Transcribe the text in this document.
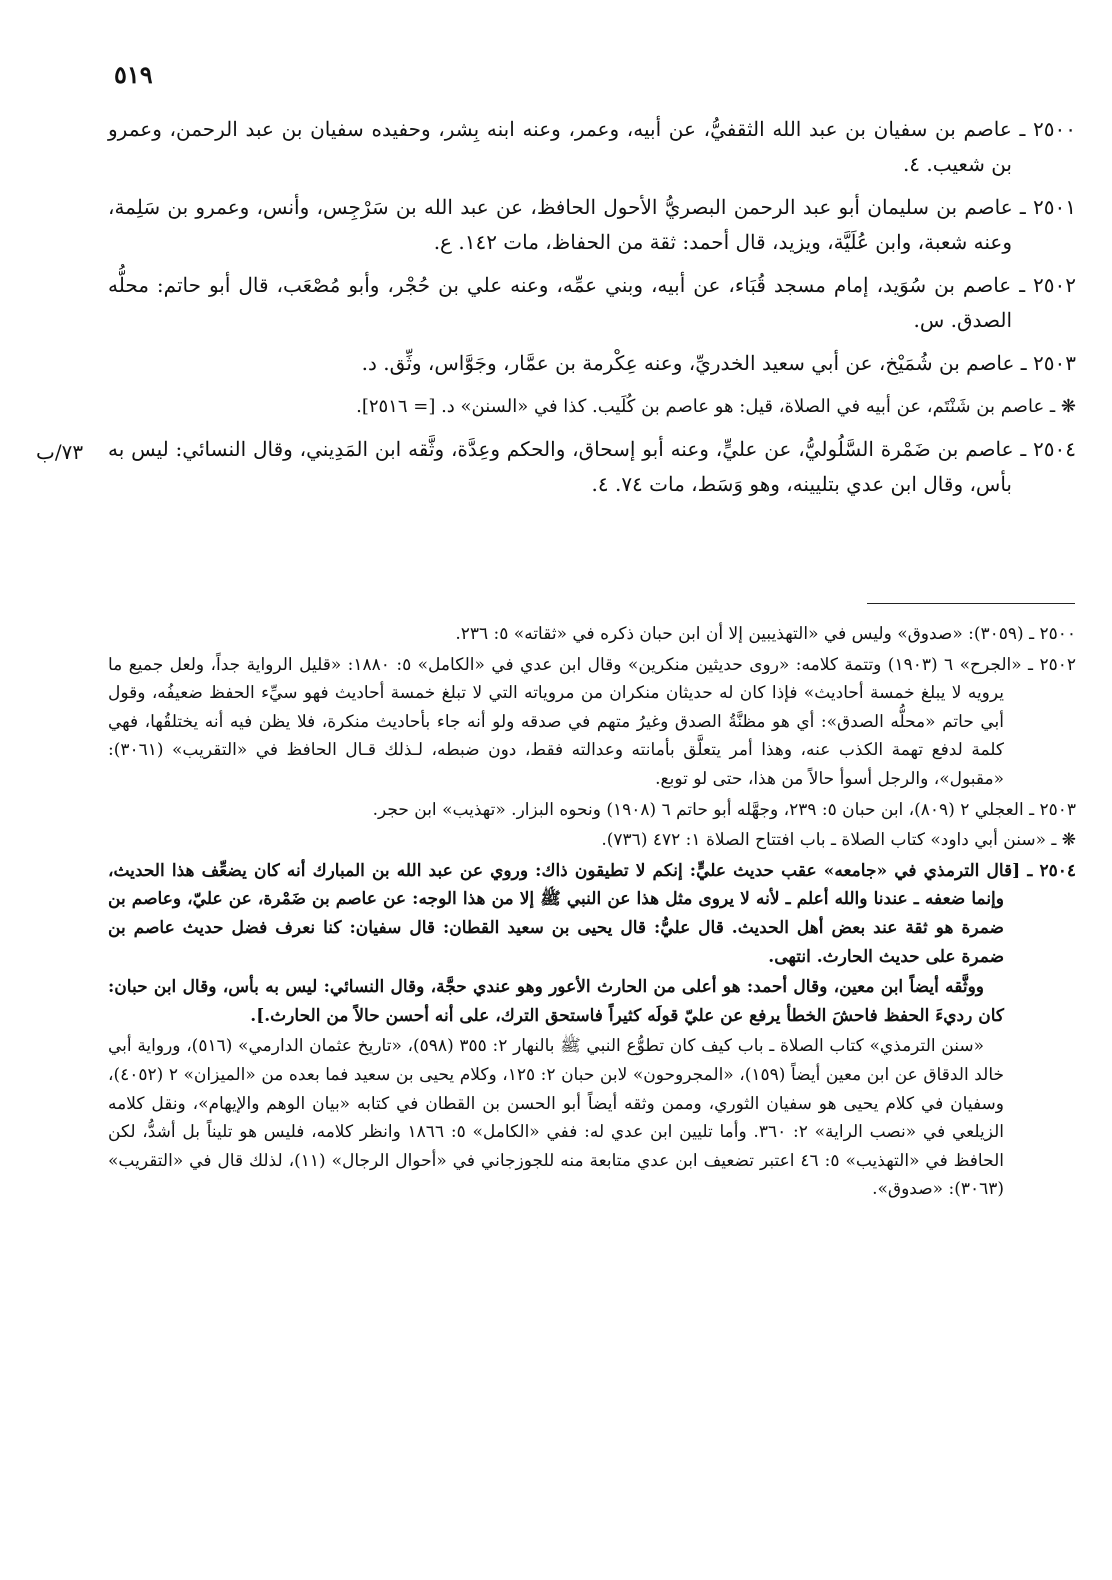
٥١٩
٧٣/ب

٢٥٠٠ ـ عاصم بن سفيان بن عبد الله الثقفيُّ، عن أبيه، وعمر، وعنه ابنه بِشر، وحفيده سفيان بن عبد الرحمن، وعمرو بن شعيب. ٤.

٢٥٠١ ـ عاصم بن سليمان أبو عبد الرحمن البصريُّ الأحول الحافظ، عن عبد الله بن سَرْجِس، وأنس، وعمرو بن سَلِمة، وعنه شعبة، وابن عُلَيَّة، ويزيد، قال أحمد: ثقة من الحفاظ، مات ١٤٢. ع.

٢٥٠٢ ـ عاصم بن سُوَيد، إمام مسجد قُبَاء، عن أبيه، وبني عمِّه، وعنه علي بن حُجْر، وأبو مُصْعَب، قال أبو حاتم: محلُّه الصدق. س.

٢٥٠٣ ـ عاصم بن شُمَيْخ، عن أبي سعيد الخدريِّ، وعنه عِكْرمة بن عمَّار، وجَوَّاس، وثِّق. د.

❋ ـ عاصم بن شَنْتَم، عن أبيه في الصلاة، قيل: هو عاصم بن كُلَيب. كذا في «السنن» د. [= ٢٥١٦].

٢٥٠٤ ـ عاصم بن ضَمْرة السَّلُوليُّ، عن عليٍّ، وعنه أبو إسحاق، والحكم وعِدَّة، وثَّقه ابن المَدِيني، وقال النسائي: ليس به بأس، وقال ابن عدي بتليينه، وهو وَسَط، مات ٧٤. ٤.

٢٥٠٠ ـ (٣٠٥٩): «صدوق» وليس في «التهذيبين إلا أن ابن حبان ذكره في «ثقاته» ٥: ٢٣٦.

٢٥٠٢ ـ «الجرح» ٦ (١٩٠٣) وتتمة كلامه: «روى حديثين منكرين» وقال ابن عدي في «الكامل» ٥: ١٨٨٠: «قليل الرواية جداً، ولعل جميع ما يرويه لا يبلغ خمسة أحاديث» فإذا كان له حديثان منكران من مروياته التي لا تبلغ خمسة أحاديث فهو سيِّء الحفظ ضعيفُه، وقول أبي حاتم «محلُّه الصدق»: أي هو مظنَّةُ الصدق وغيرُ متهم في صدقه ولو أنه جاء بأحاديث منكرة، فلا يظن فيه أنه يختلقُها، فهي كلمة لدفع تهمة الكذب عنه، وهذا أمر يتعلَّق بأمانته وعدالته فقط، دون ضبطه، لـذلك قـال الحافظ في «التقريب» (٣٠٦١): «مقبول»، والرجل أسوأ حالاً من هذا، حتى لو توبع.

٢٥٠٣ ـ العجلي ٢ (٨٠٩)، ابن حبان ٥: ٢٣٩، وجهَّله أبو حاتم ٦ (١٩٠٨) ونحوه البزار. «تهذيب» ابن حجر.

❋ ـ «سنن أبي داود» كتاب الصلاة ـ باب افتتاح الصلاة ١: ٤٧٢ (٧٣٦).

٢٥٠٤ ـ [قال الترمذي في «جامعه» عقب حديث عليٍّ: إنكم لا تطيقون ذاك: وروي عن عبد الله بن المبارك أنه كان يضعِّف هذا الحديث، وإنما ضعفه ـ عندنا والله أعلم ـ لأنه لا يروى مثل هذا عن النبي ﷺ إلا من هذا الوجه: عن عاصم بن ضَمْرة، عن عليّ، وعاصم بن ضمرة هو ثقة عند بعض أهل الحديث. قال عليُّ: قال يحيى بن سعيد القطان: قال سفيان: كنا نعرف فضل حديث عاصم بن ضمرة على حديث الحارث. انتهى.

ووثَّقه أيضاً ابن معين، وقال أحمد: هو أعلى من الحارث الأعور وهو عندي حجَّة، وقال النسائي: ليس به بأس، وقال ابن حبان: كان رديءَ الحفظ فاحشَ الخطأ يرفع عن عليّ قولَه كثيراً فاستحق الترك، على أنه أحسن حالاً من الحارث.].

«سنن الترمذي» كتاب الصلاة ـ باب كيف كان تطوُّع النبي ﷺ بالنهار ٢: ٣٥٥ (٥٩٨)، «تاريخ عثمان الدارمي» (٥١٦)، ورواية أبي خالد الدقاق عن ابن معين أيضاً (١٥٩)، «المجروحون» لابن حبان ٢: ١٢٥، وكلام يحيى بن سعيد فما بعده من «الميزان» ٢ (٤٠٥٢)، وسفيان في كلام يحيى هو سفيان الثوري، وممن وثقه أيضاً أبو الحسن بن القطان في كتابه «بيان الوهم والإيهام»، ونقل كلامه الزيلعي في «نصب الراية» ٢: ٣٦٠. وأما تليين ابن عدي له: ففي «الكامل» ٥: ١٨٦٦ وانظر كلامه، فليس هو تليناً بل أشدُّ، لكن الحافظ في «التهذيب» ٥: ٤٦ اعتبر تضعيف ابن عدي متابعة منه للجوزجاني في «أحوال الرجال» (١١)، لذلك قال في «التقريب» (٣٠٦٣): «صدوق».
